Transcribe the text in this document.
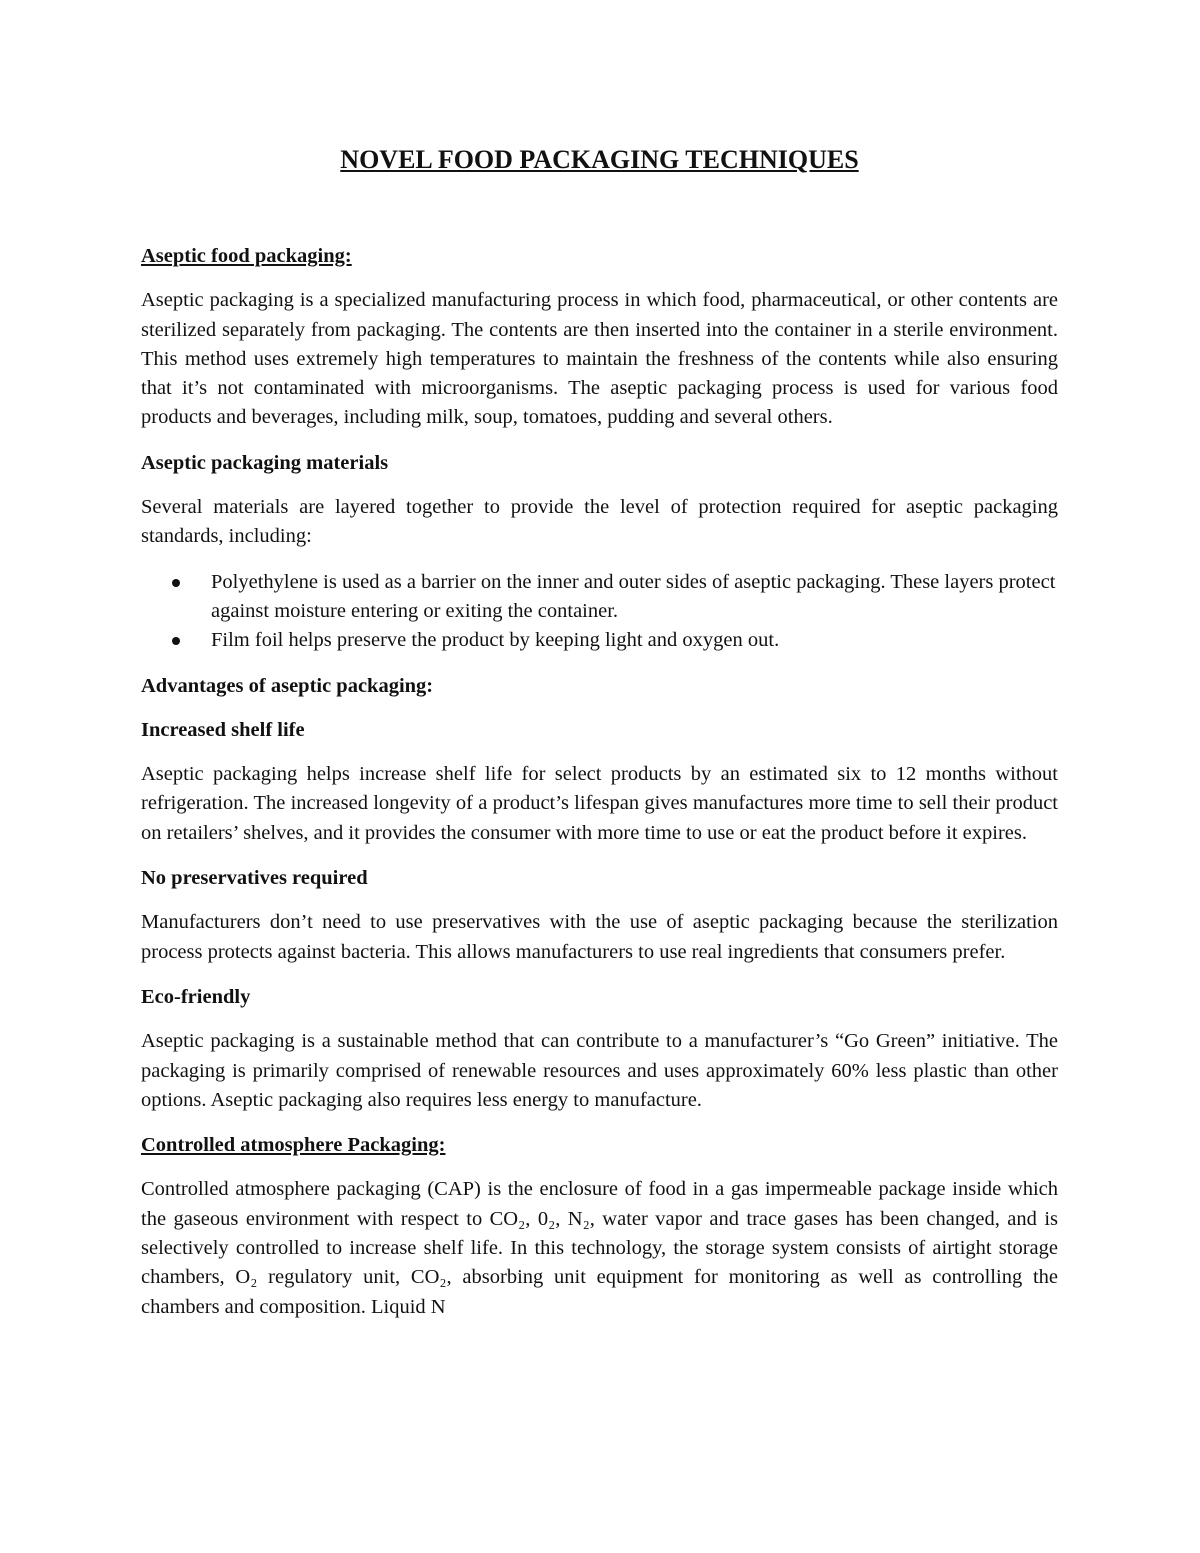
NOVEL FOOD PACKAGING TECHNIQUES
Aseptic food packaging:

Aseptic packaging is a specialized manufacturing process in which food, pharmaceutical, or other contents are sterilized separately from packaging. The contents are then inserted into the container in a sterile environment. This method uses extremely high temperatures to maintain the freshness of the contents while also ensuring that it’s not contaminated with microorganisms. The aseptic packaging process is used for various food products and beverages, including milk, soup, tomatoes, pudding and several others.

Aseptic packaging materials

Several materials are layered together to provide the level of protection required for aseptic packaging standards, including:

Polyethylene is used as a barrier on the inner and outer sides of aseptic packaging. These layers protect against moisture entering or exiting the container.
Film foil helps preserve the product by keeping light and oxygen out.
Advantages of aseptic packaging:
Increased shelf life

Aseptic packaging helps increase shelf life for select products by an estimated six to 12 months without refrigeration. The increased longevity of a product’s lifespan gives manufactures more time to sell their product on retailers’ shelves, and it provides the consumer with more time to use or eat the product before it expires.

No preservatives required

Manufacturers don’t need to use preservatives with the use of aseptic packaging because the sterilization process protects against bacteria. This allows manufacturers to use real ingredients that consumers prefer.

Eco-friendly

Aseptic packaging is a sustainable method that can contribute to a manufacturer’s “Go Green” initiative. The packaging is primarily comprised of renewable resources and uses approximately 60% less plastic than other options. Aseptic packaging also requires less energy to manufacture.

Controlled atmosphere Packaging:

Controlled atmosphere packaging (CAP) is the enclosure of food in a gas impermeable package inside which the gaseous environment with respect to CO₂, 0₂, N₂, water vapor and trace gases has been changed, and is selectively controlled to increase shelf life. In this technology, the storage system consists of airtight storage chambers, O₂ regulatory unit, CO₂, absorbing unit equipment for monitoring as well as controlling the chambers and composition. Liquid N
